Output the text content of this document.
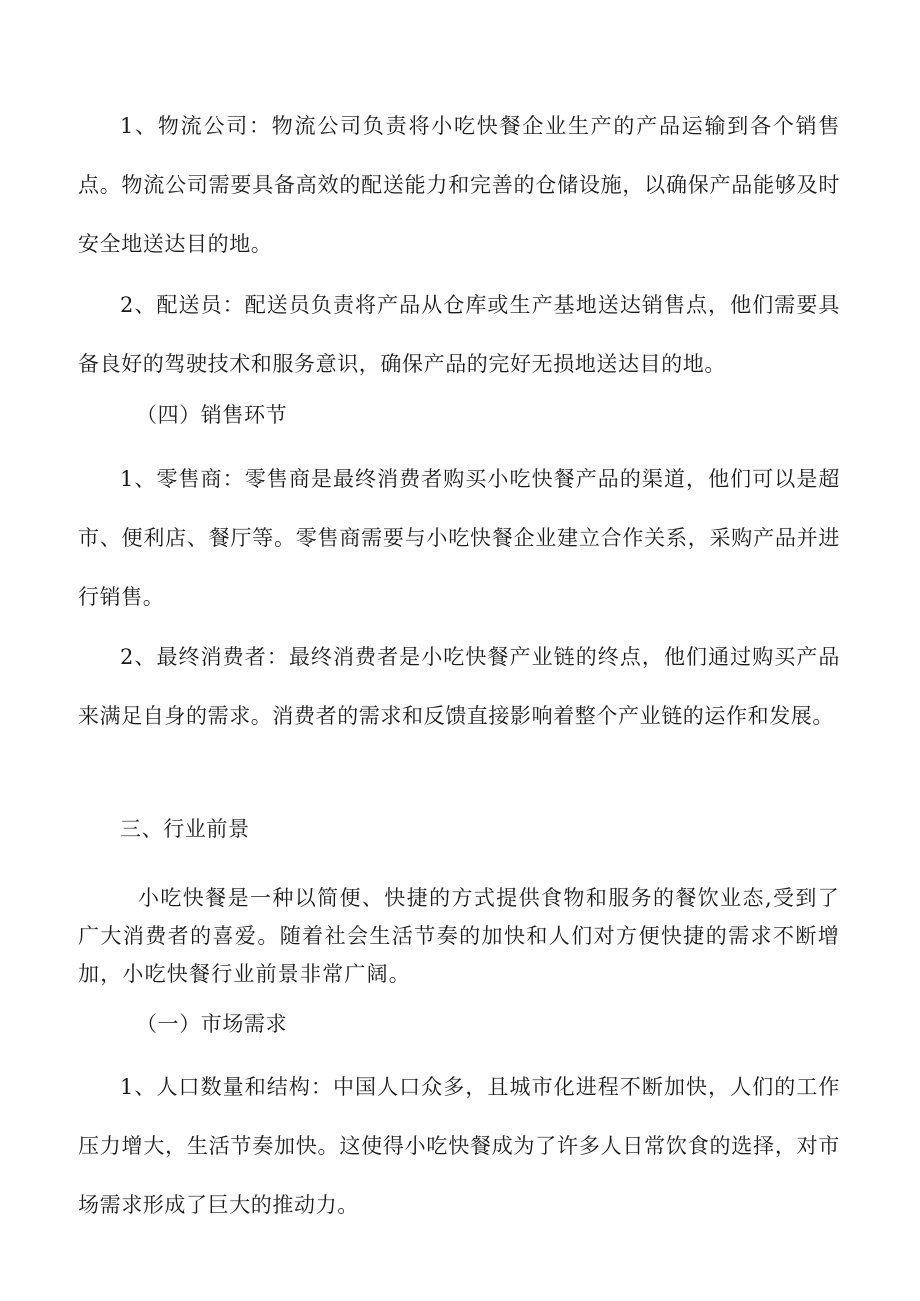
1、物流公司：物流公司负责将小吃快餐企业生产的产品运输到各个销售点。物流公司需要具备高效的配送能力和完善的仓储设施，以确保产品能够及时安全地送达目的地。

2、配送员：配送员负责将产品从仓库或生产基地送达销售点，他们需要具备良好的驾驶技术和服务意识，确保产品的完好无损地送达目的地。

（四）销售环节

1、零售商：零售商是最终消费者购买小吃快餐产品的渠道，他们可以是超市、便利店、餐厅等。零售商需要与小吃快餐企业建立合作关系，采购产品并进行销售。

2、最终消费者：最终消费者是小吃快餐产业链的终点，他们通过购买产品来满足自身的需求。消费者的需求和反馈直接影响着整个产业链的运作和发展。

三、行业前景

小吃快餐是一种以简便、快捷的方式提供食物和服务的餐饮业态,受到了广大消费者的喜爱。随着社会生活节奏的加快和人们对方便快捷的需求不断增加，小吃快餐行业前景非常广阔。

（一）市场需求

1、人口数量和结构：中国人口众多，且城市化进程不断加快，人们的工作压力增大，生活节奏加快。这使得小吃快餐成为了许多人日常饮食的选择，对市场需求形成了巨大的推动力。
